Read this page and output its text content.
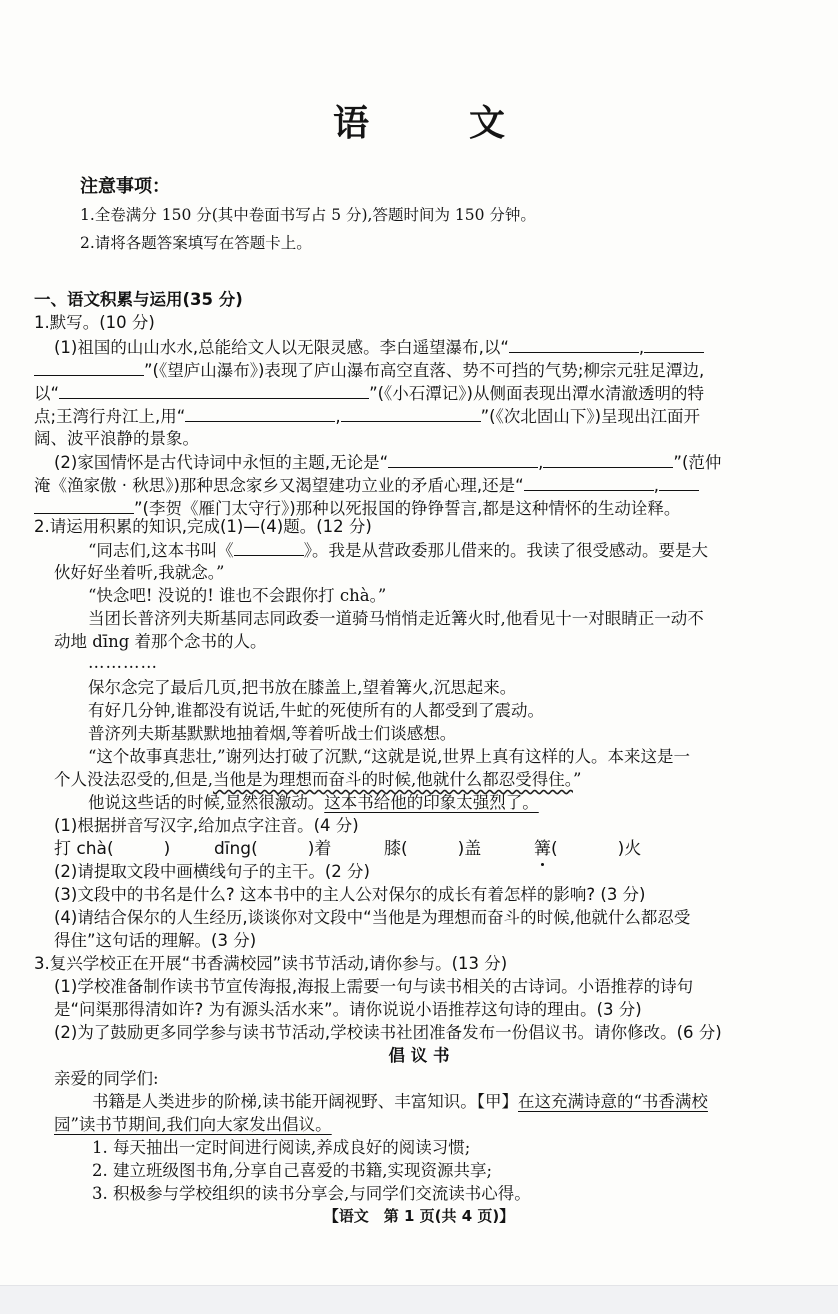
语	文
注意事项：
1.全卷满分 150 分(其中卷面书写占 5 分),答题时间为 150 分钟。
2.请将各题答案填写在答题卡上。
一、语文积累与运用(35 分)
1.默写。(10 分)
(1)祖国的山山水水,总能给文人以无限灵感。李白遥望瀑布,以“	,
”(《望庐山瀑布》)表现了庐山瀑布高空直落、势不可挡的气势;柳宗元驻足潭边,
以“	”(《小石潭记》)从侧面表现出潭水清澈透明的特
点;王湾行舟江上,用“	,	”(《次北固山下》)呈现出江面开
阔、波平浪静的景象。
(2)家国情怀是古代诗词中永恒的主题,无论是“	,	”(范仲
淹《渔家傲 · 秋思》)那种思念家乡又渴望建功立业的矛盾心理,还是“	,
”(李贺《雁门太守行》)那种以死报国的铮铮誓言,都是这种情怀的生动诠释。
2.请运用积累的知识,完成(1)—(4)题。(12 分)
“同志们,这本书叫《	》。我是从营政委那儿借来的。我读了很受感动。要是大
伙好好坐着听,我就念。”
“快念吧! 没说的! 谁也不会跟你打 chà。”
当团长普济列夫斯基同志同政委一道骑马悄悄走近篝火时,他看见十一对眼睛正一动不
动地 dīng 着那个念书的人。
…………
保尔念完了最后几页,把书放在膝盖上,望着篝火,沉思起来。
有好几分钟,谁都没有说话,牛虻的死使所有的人都受到了震动。
普济列夫斯基默默地抽着烟,等着听战士们谈感想。
“这个故事真悲壮,”谢列达打破了沉默,“这就是说,世界上真有这样的人。本来这是一
个人没法忍受的,但是,当他是为理想而奋斗的时候,他就什么都忍受得住。”
他说这些话的时候,显然很激动。这本书给他的印象太强烈了。
(1)根据拼音写汉字,给加点字注音。(4 分)
打 chà(	)	dīng(	)着	膝(	)盖	篝(	)火
(2)请提取文段中画横线句子的主干。(2 分)
(3)文段中的书名是什么? 这本书中的主人公对保尔的成长有着怎样的影响? (3 分)
(4)请结合保尔的人生经历,谈谈你对文段中“当他是为理想而奋斗的时候,他就什么都忍受
得住”这句话的理解。(3 分)
3.复兴学校正在开展“书香满校园”读书节活动,请你参与。(13 分)
(1)学校准备制作读书节宣传海报,海报上需要一句与读书相关的古诗词。小语推荐的诗句
是“问渠那得清如许? 为有源头活水来”。请你说说小语推荐这句诗的理由。(3 分)
(2)为了鼓励更多同学参与读书节活动,学校读书社团准备发布一份倡议书。请你修改。(6 分)
倡 议 书
亲爱的同学们:
书籍是人类进步的阶梯,读书能开阔视野、丰富知识。【甲】在这充满诗意的“书香满校
园”读书节期间,我们向大家发出倡议。
1. 每天抽出一定时间进行阅读,养成良好的阅读习惯;
2. 建立班级图书角,分享自己喜爱的书籍,实现资源共享;
3. 积极参与学校组织的读书分享会,与同学们交流读书心得。
【语文　第 1 页(共 4 页)】
